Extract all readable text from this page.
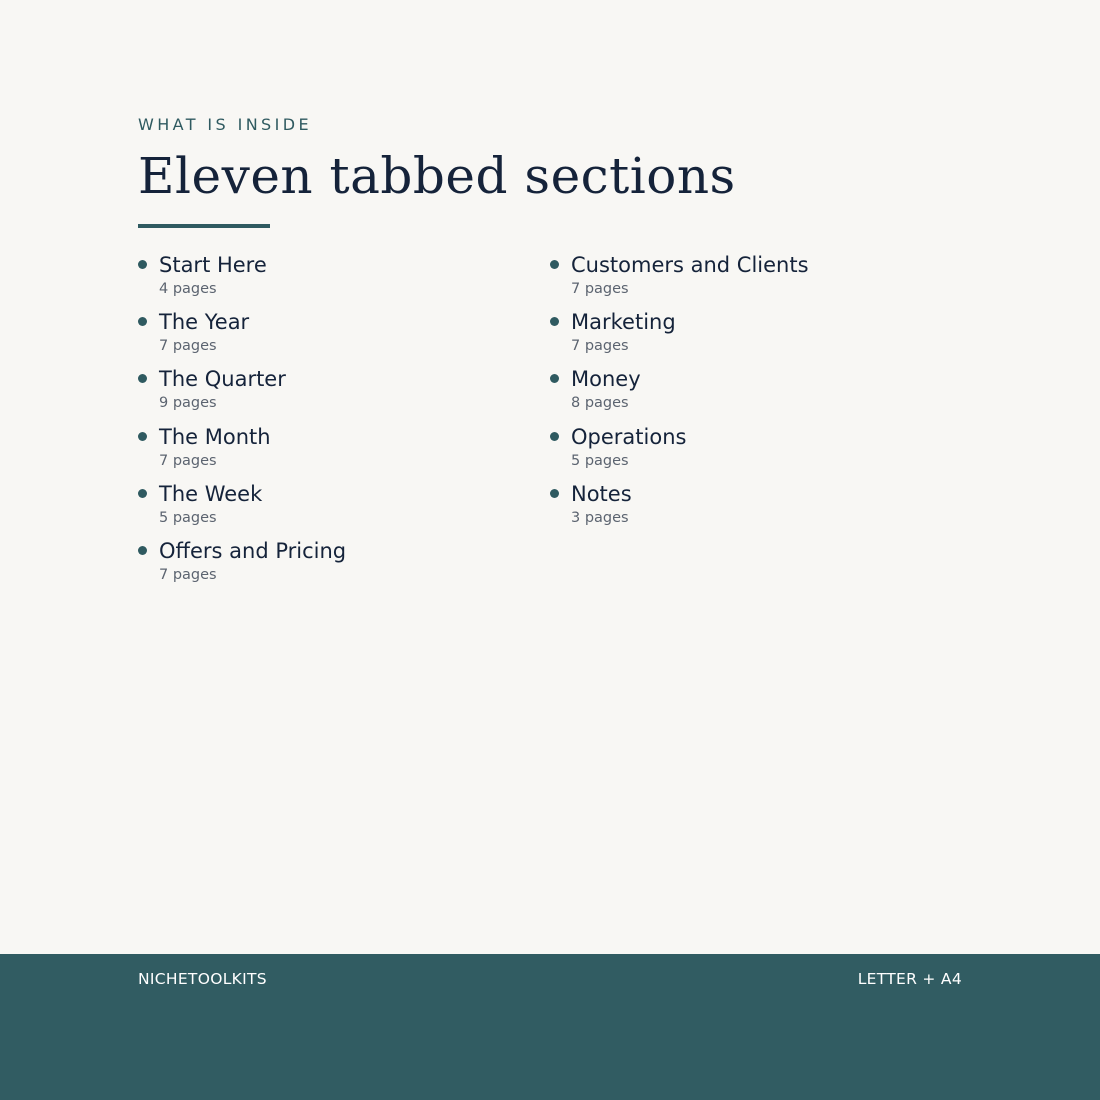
WHAT IS INSIDE

Eleven tabbed sections
Start Here
4 pages
The Year
7 pages
The Quarter
9 pages
The Month
7 pages
The Week
5 pages
Offers and Pricing
7 pages
Customers and Clients
7 pages
Marketing
7 pages
Money
8 pages
Operations
5 pages
Notes
3 pages
NICHETOOLKITS	LETTER + A4
